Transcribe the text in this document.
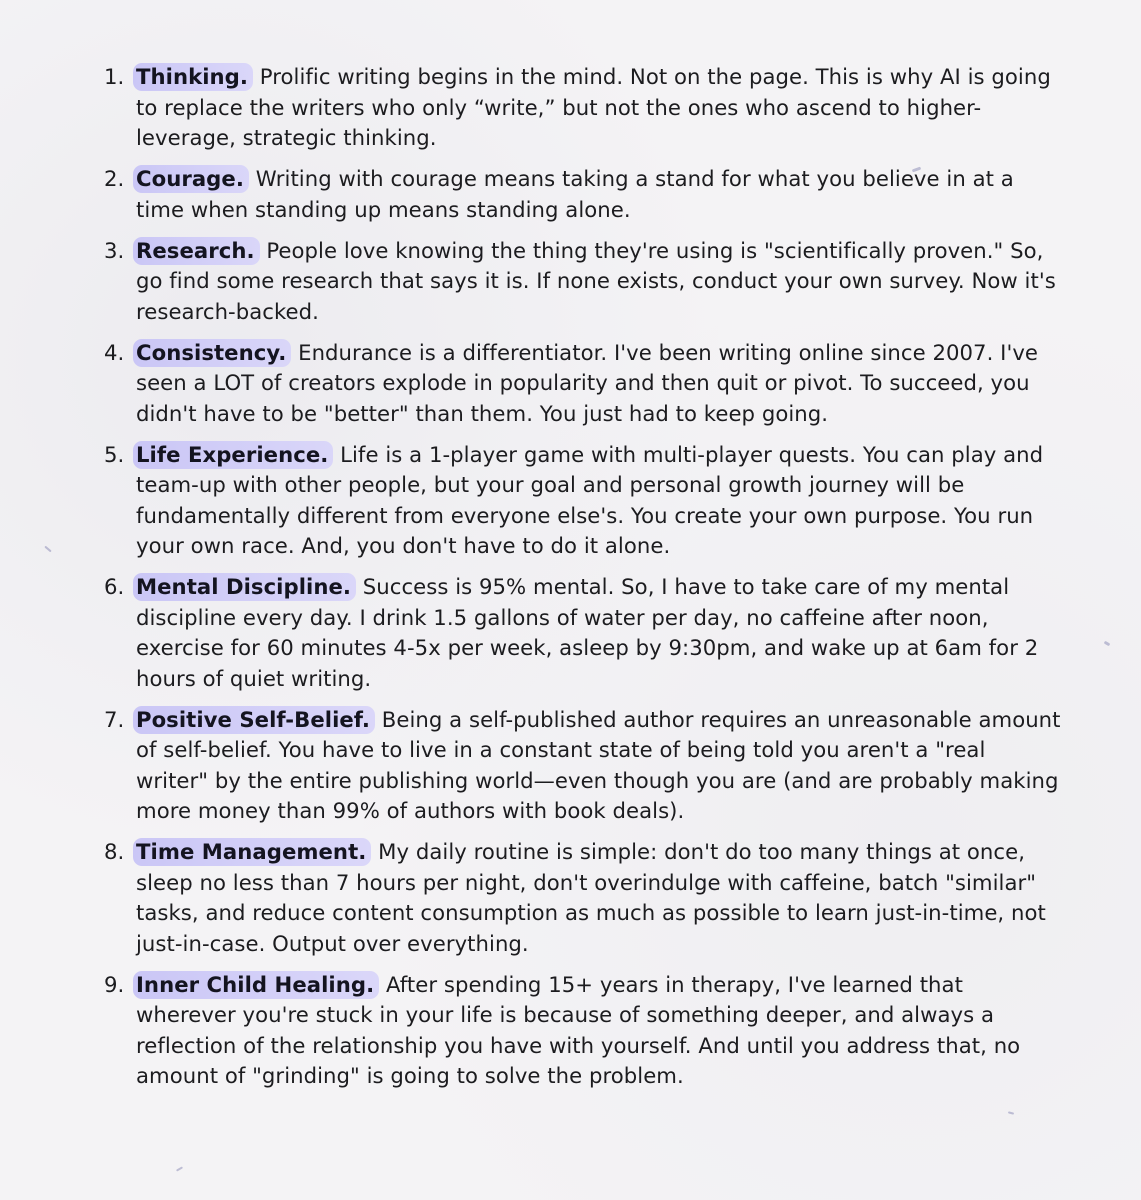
1. Thinking. Prolific writing begins in the mind. Not on the page. This is why AI is going to replace the writers who only “write,” but not the ones who ascend to higher-leverage, strategic thinking.
2. Courage. Writing with courage means taking a stand for what you believe in at a time when standing up means standing alone.
3. Research. People love knowing the thing they're using is "scientifically proven." So, go find some research that says it is. If none exists, conduct your own survey. Now it's research-backed.
4. Consistency. Endurance is a differentiator. I've been writing online since 2007. I've seen a LOT of creators explode in popularity and then quit or pivot. To succeed, you didn't have to be "better" than them. You just had to keep going.
5. Life Experience. Life is a 1-player game with multi-player quests. You can play and team-up with other people, but your goal and personal growth journey will be fundamentally different from everyone else's. You create your own purpose. You run your own race. And, you don't have to do it alone.
6. Mental Discipline. Success is 95% mental. So, I have to take care of my mental discipline every day. I drink 1.5 gallons of water per day, no caffeine after noon, exercise for 60 minutes 4-5x per week, asleep by 9:30pm, and wake up at 6am for 2 hours of quiet writing.
7. Positive Self-Belief. Being a self-published author requires an unreasonable amount of self-belief. You have to live in a constant state of being told you aren't a "real writer" by the entire publishing world—even though you are (and are probably making more money than 99% of authors with book deals).
8. Time Management. My daily routine is simple: don't do too many things at once, sleep no less than 7 hours per night, don't overindulge with caffeine, batch "similar" tasks, and reduce content consumption as much as possible to learn just-in-time, not just-in-case. Output over everything.
9. Inner Child Healing. After spending 15+ years in therapy, I've learned that wherever you're stuck in your life is because of something deeper, and always a reflection of the relationship you have with yourself. And until you address that, no amount of "grinding" is going to solve the problem.
